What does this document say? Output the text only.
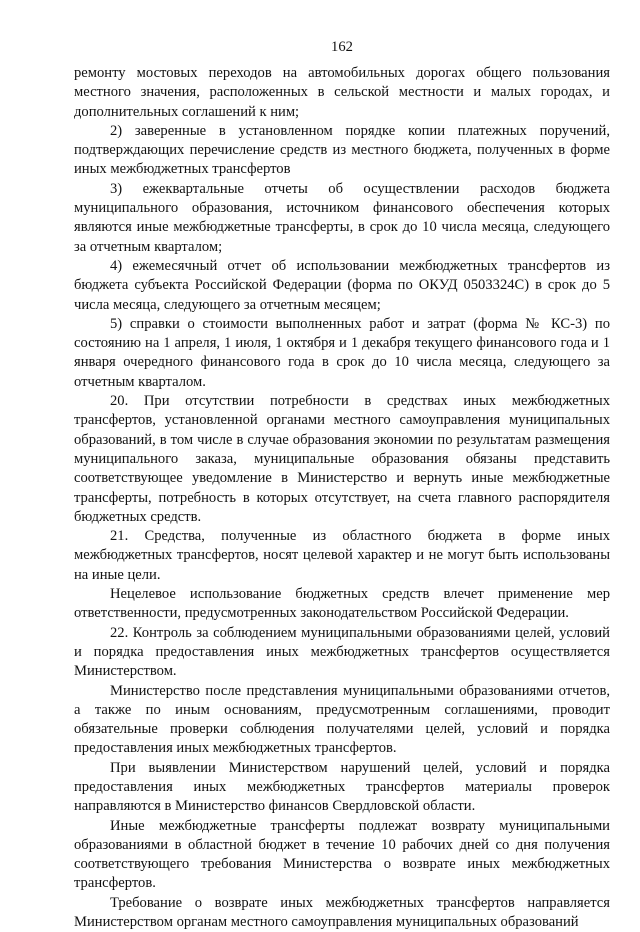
162

ремонту мостовых переходов на автомобильных дорогах общего пользования местного значения, расположенных в сельской местности и малых городах, и дополнительных соглашений к ним;

2) заверенные в установленном порядке копии платежных поручений, подтверждающих перечисление средств из местного бюджета, полученных в форме иных межбюджетных трансфертов

3) ежеквартальные отчеты об осуществлении расходов бюджета муниципального образования, источником финансового обеспечения которых являются иные межбюджетные трансферты, в срок до 10 числа месяца, следующего за отчетным кварталом;

4) ежемесячный отчет об использовании межбюджетных трансфертов из бюджета субъекта Российской Федерации (форма по ОКУД 0503324С) в срок до 5 числа месяца, следующего за отчетным месяцем;

5) справки о стоимости выполненных работ и затрат (форма № КС-3) по состоянию на 1 апреля, 1 июля, 1 октября и 1 декабря текущего финансового года и 1 января очередного финансового года в срок до 10 числа месяца, следующего за отчетным кварталом.

20. При отсутствии потребности в средствах иных межбюджетных трансфертов, установленной органами местного самоуправления муниципальных образований, в том числе в случае образования экономии по результатам размещения муниципального заказа, муниципальные образования обязаны представить соответствующее уведомление в Министерство и вернуть иные межбюджетные трансферты, потребность в которых отсутствует, на счета главного распорядителя бюджетных средств.

21. Средства, полученные из областного бюджета в форме иных межбюджетных трансфертов, носят целевой характер и не могут быть использованы на иные цели.

Нецелевое использование бюджетных средств влечет применение мер ответственности, предусмотренных законодательством Российской Федерации.

22. Контроль за соблюдением муниципальными образованиями целей, условий и порядка предоставления иных межбюджетных трансфертов осуществляется Министерством.

Министерство после представления муниципальными образованиями отчетов, а также по иным основаниям, предусмотренным соглашениями, проводит обязательные проверки соблюдения получателями целей, условий и порядка предоставления иных межбюджетных трансфертов.

При выявлении Министерством нарушений целей, условий и порядка предоставления иных межбюджетных трансфертов материалы проверок направляются в Министерство финансов Свердловской области.

Иные межбюджетные трансферты подлежат возврату муниципальными образованиями в областной бюджет в течение 10 рабочих дней со дня получения соответствующего требования Министерства о возврате иных межбюджетных трансфертов.

Требование о возврате иных межбюджетных трансфертов направляется Министерством органам местного самоуправления муниципальных образований
